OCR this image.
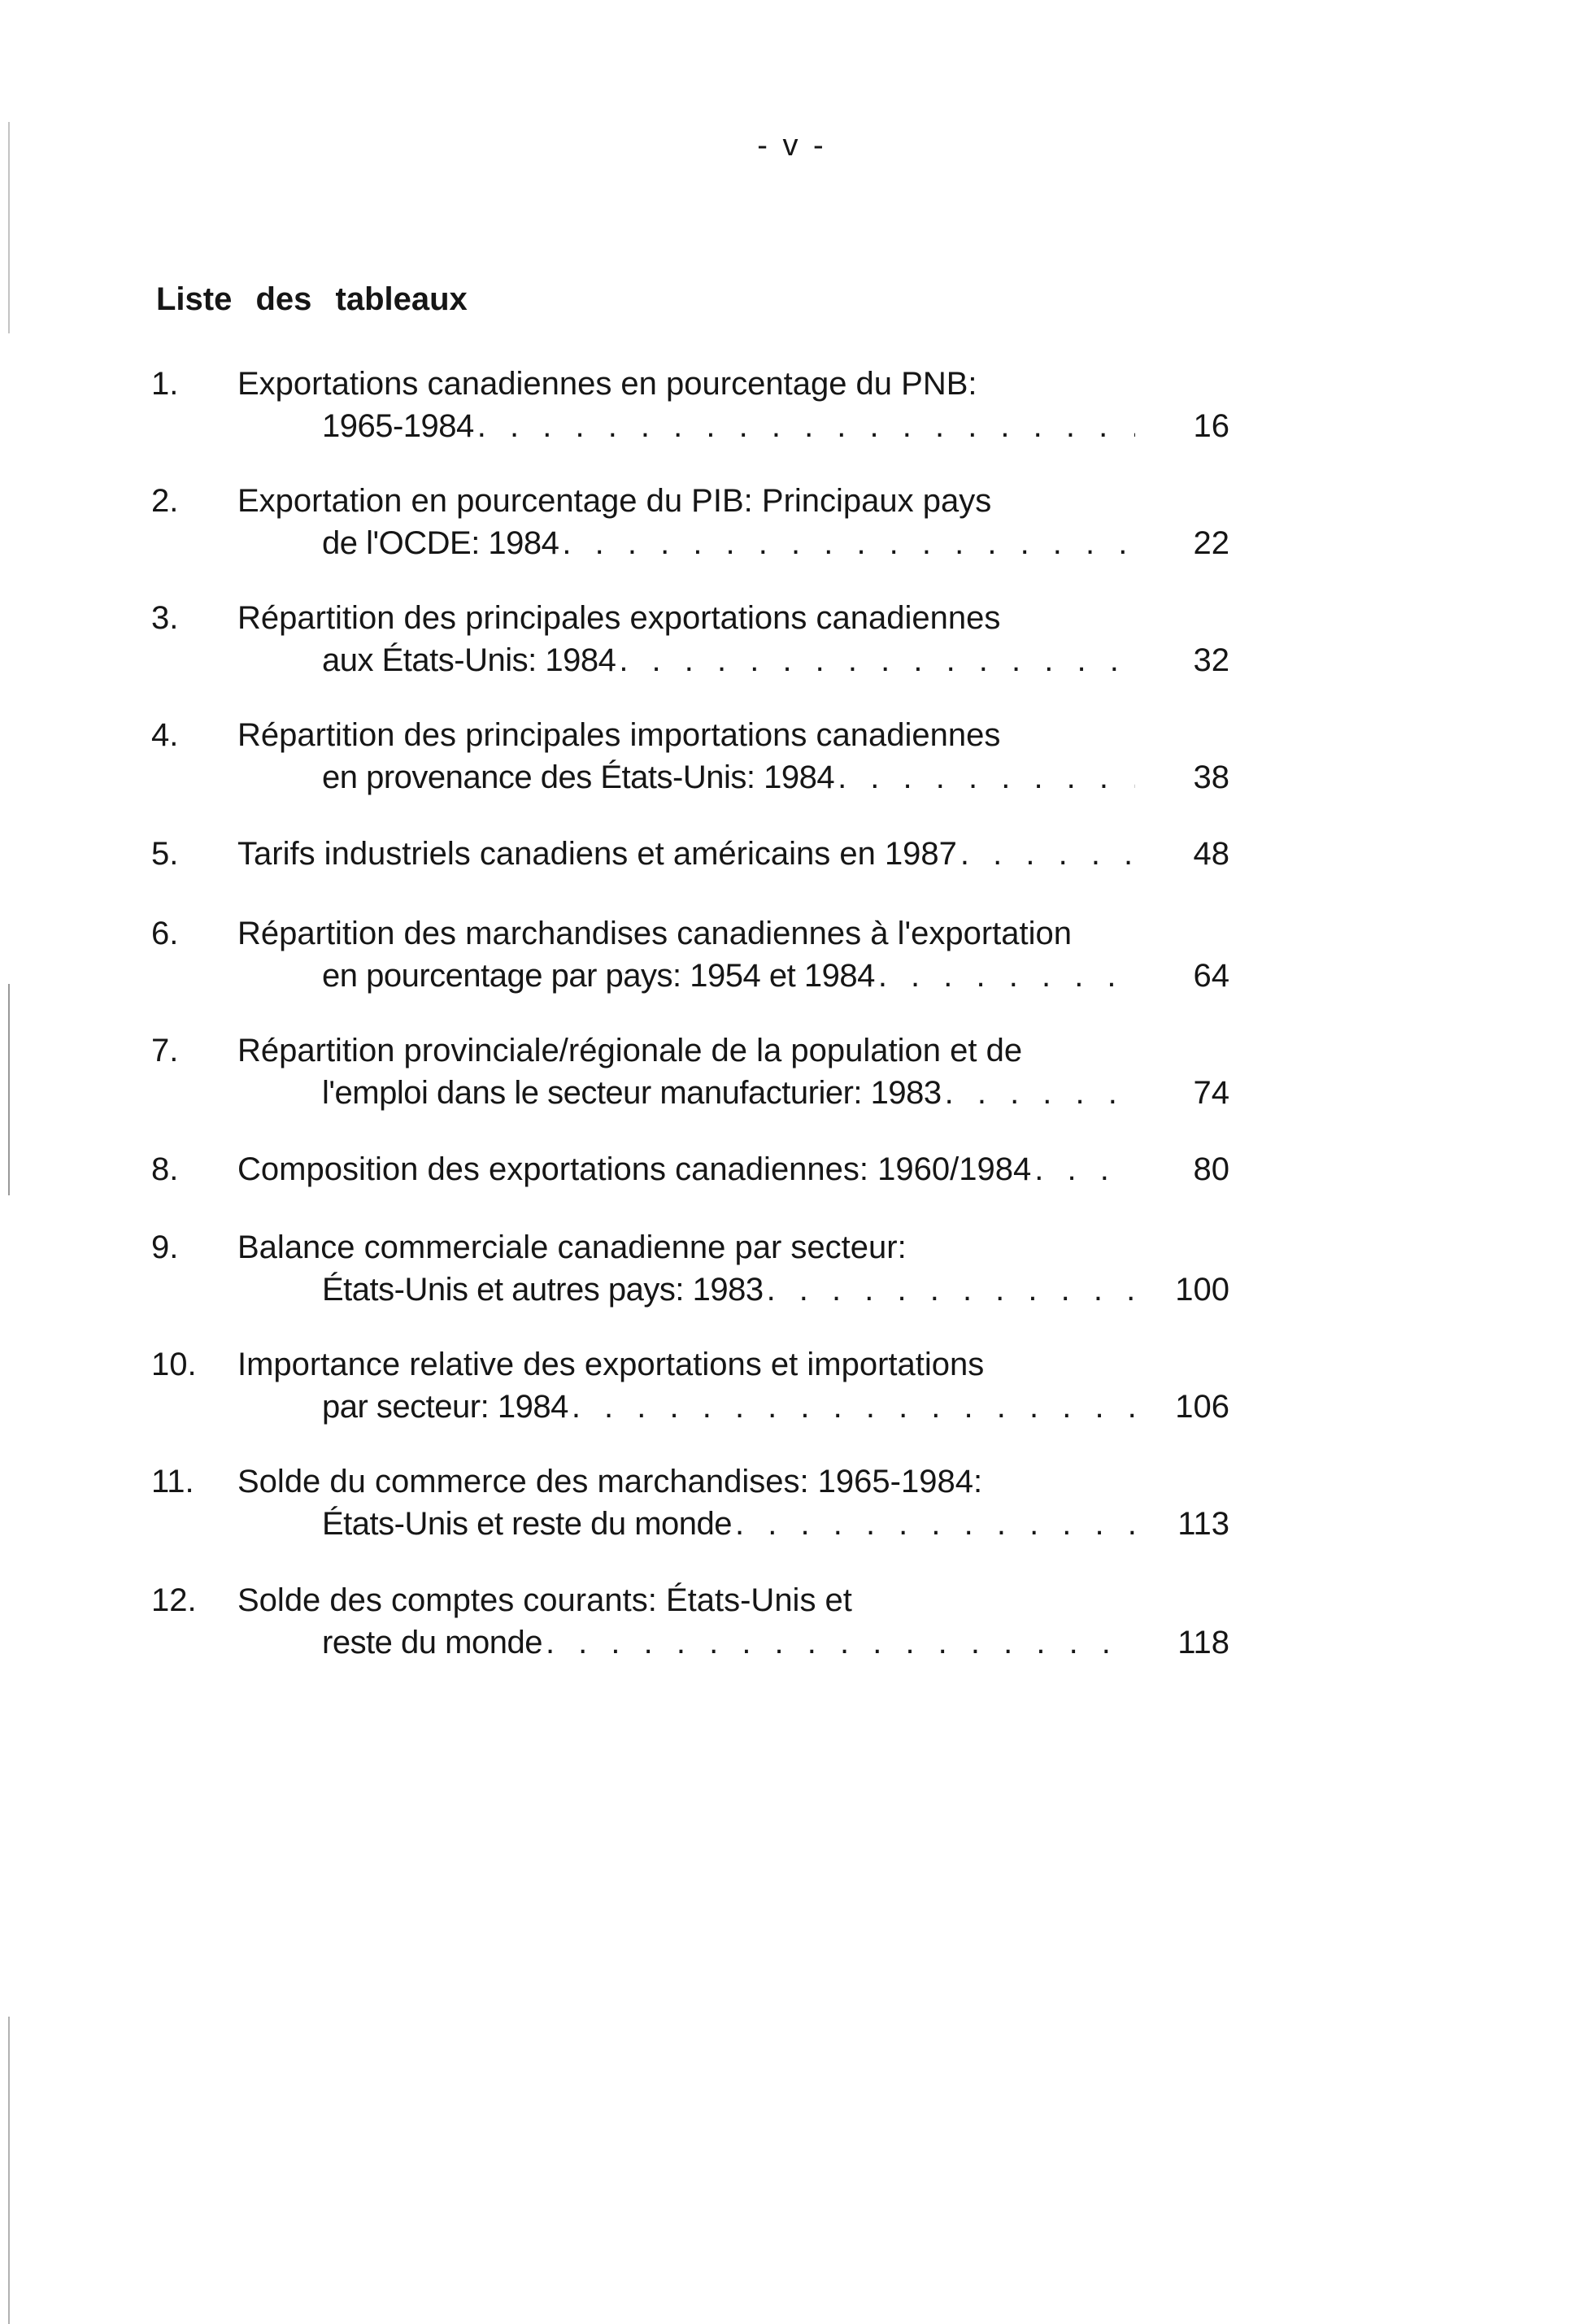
- v -
Liste des tableaux
1.	Exportations canadiennes en pourcentage du PNB:
1965-1984 . . .	16
2.	Exportation en pourcentage du PIB: Principaux pays
de l'OCDE: 1984 . . .	22
3.	Répartition des principales exportations canadiennes
aux États-Unis: 1984 . . .	32
4.	Répartition des principales importations canadiennes
en provenance des États-Unis: 1984 . . .	38
5.	Tarifs industriels canadiens et américains en 1987 . . .	48
6.	Répartition des marchandises canadiennes à l'exportation
en pourcentage par pays: 1954 et 1984 . . .	64
7.	Répartition provinciale/régionale de la population et de
l'emploi dans le secteur manufacturier: 1983 . . .	74
8.	Composition des exportations canadiennes: 1960/1984 . . .	80
9.	Balance commerciale canadienne par secteur:
États-Unis et autres pays: 1983 . . .	100
10.	Importance relative des exportations et importations
par secteur: 1984 . . .	106
11.	Solde du commerce des marchandises: 1965-1984:
États-Unis et reste du monde . . .	113
12.	Solde des comptes courants: États-Unis et
reste du monde . . .	118
